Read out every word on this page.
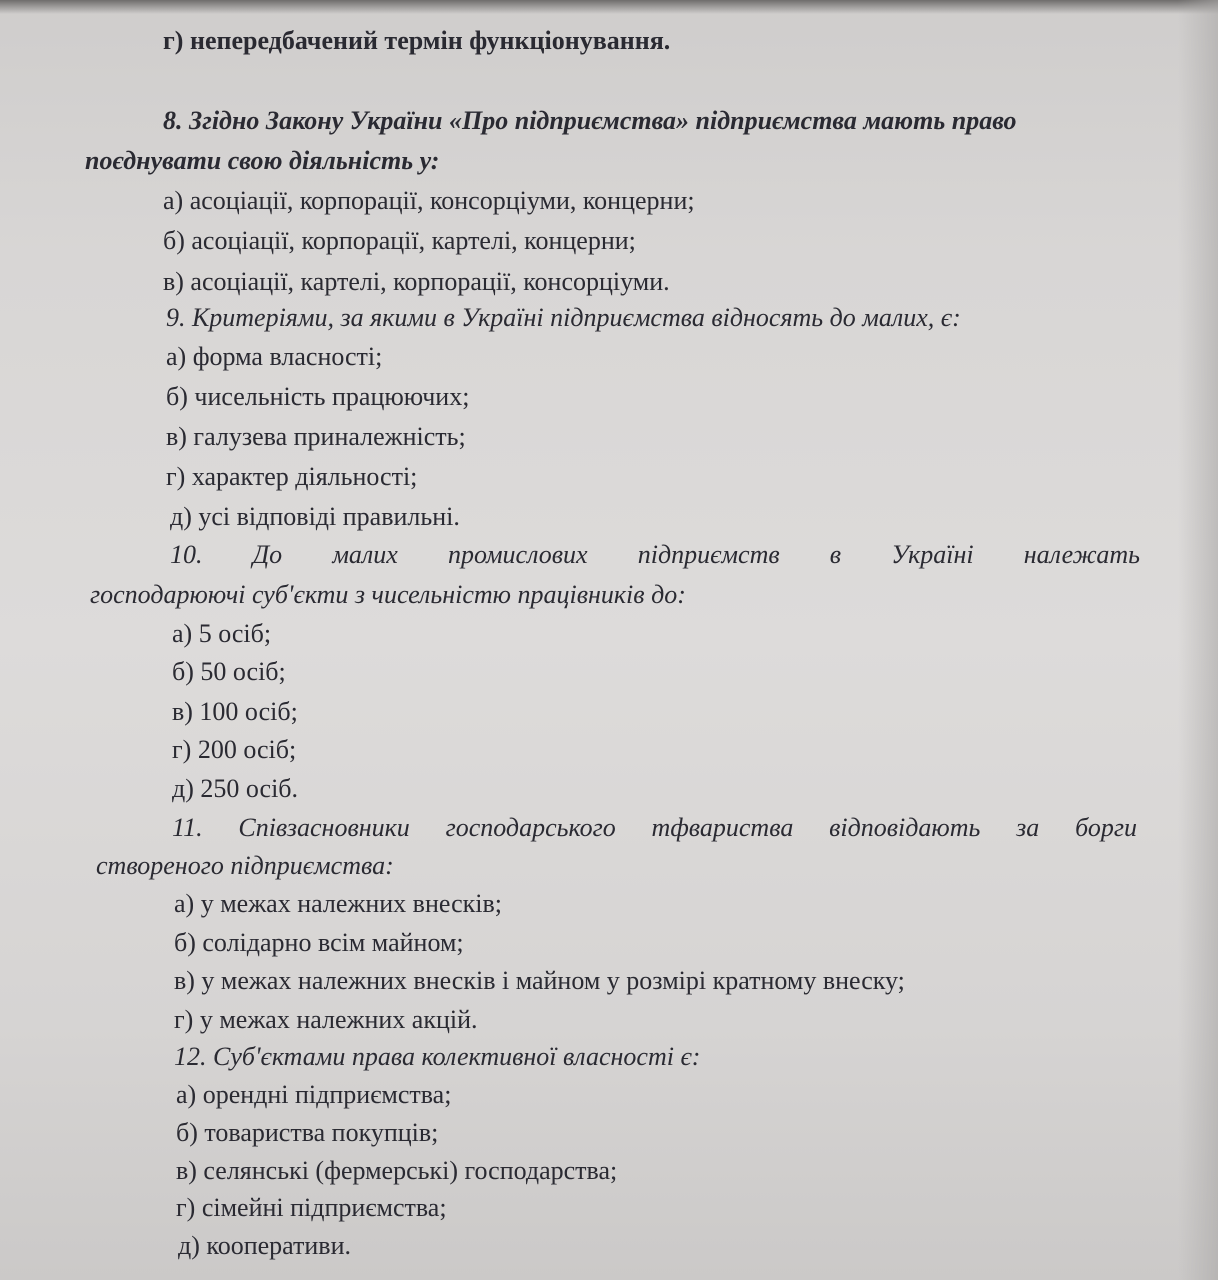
г) непередбачений термін функціонування.
8. Згідно Закону України «Про підприємства» підприємства мають право
поєднувати свою діяльність у:
а) асоціації, корпорації, консорціуми, концерни;
б) асоціації, корпорації, картелі, концерни;
в) асоціації, картелі, корпорації, консорціуми.
9. Критеріями, за якими в Україні підприємства відносять до малих, є:
а) форма власності;
б) чисельність працюючих;
в) галузева приналежність;
г) характер діяльності;
д) усі відповіді правильні.
10. До малих промислових підприємств в Україні належать
господарюючі суб'єкти з чисельністю працівників до:
а) 5 осіб;
б) 50 осіб;
в) 100 осіб;
г) 200 осіб;
д) 250 осіб.
11. Співзасновники господарського тфвариства відповідають за борги
створеного підприємства:
а) у межах належних внесків;
б) солідарно всім майном;
в) у межах належних внесків і майном у розмірі кратному внеску;
г) у межах належних акцій.
12. Суб'єктами права колективної власності є:
а) орендні підприємства;
б) товариства покупців;
в) селянські (фермерські) господарства;
г) сімейні підприємства;
д) кооперативи.
